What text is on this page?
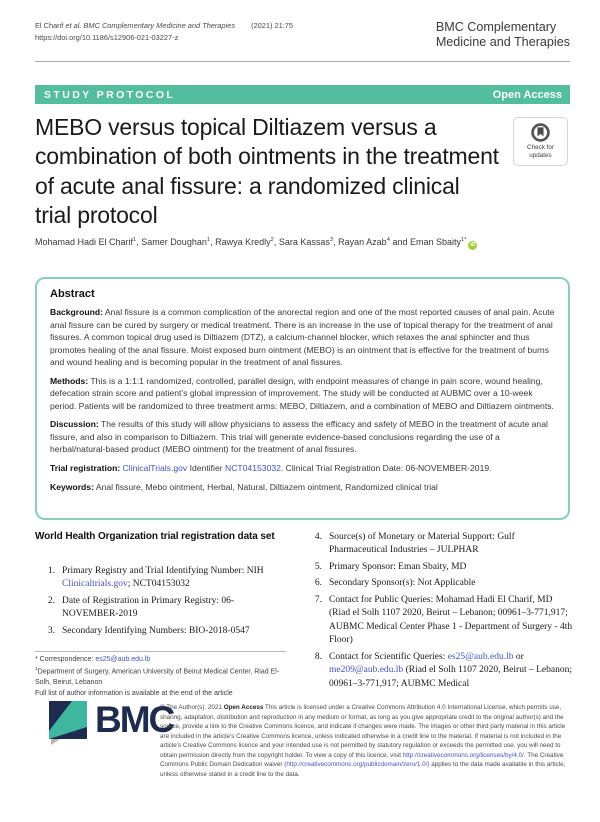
El Charif et al. BMC Complementary Medicine and Therapies (2021) 21:75
https://doi.org/10.1186/s12906-021-03227-z
BMC Complementary
Medicine and Therapies
STUDY PROTOCOL	Open Access
MEBO versus topical Diltiazem versus a combination of both ointments in the treatment of acute anal fissure: a randomized clinical trial protocol
Check for
updates
Mohamad Hadi El Charif$^1$, Samer Doughan$^1$, Rawya Kredly$^2$, Sara Kassas$^3$, Rayan Azab$^4$ and Eman Sbaity$^{1*}$iD
Abstract

Background: Anal fissure is a common complication of the anorectal region and one of the most reported causes of anal pain. Acute anal fissure can be cured by surgery or medical treatment. There is an increase in the use of topical therapy for the treatment of anal fissures. A common topical drug used is Diltiazem (DTZ), a calcium-channel blocker, which relaxes the anal sphincter and thus promotes healing of the anal fissure. Moist exposed burn ointment (MEBO) is an ointment that is effective for the treatment of burns and wound healing and is becoming popular in the treatment of anal fissures.

Methods: This is a 1:1:1 randomized, controlled, parallel design, with endpoint measures of change in pain score, wound healing, defecation strain score and patient’s global impression of improvement. The study will be conducted at AUBMC over a 10-week period. Patients will be randomized to three treatment arms: MEBO, Diltiazem, and a combination of MEBO and Diltiazem ointments.

Discussion: The results of this study will allow physicians to assess the efficacy and safety of MEBO in the treatment of acute anal fissure, and also in comparison to Diltiazem. This trial will generate evidence-based conclusions regarding the use of a herbal/natural-based product (MEBO ointment) for the treatment of anal fissures.

Trial registration: ClinicalTrials.gov Identifier NCT04153032. Clinical Trial Registration Date: 06-NOVEMBER-2019.

Keywords: Anal fissure, Mebo ointment, Herbal, Natural, Diltiazem ointment, Randomized clinical trial

World Health Organization trial registration data set
1. Primary Registry and Trial Identifying Number: NIH Clinicaltrials.gov; NCT04153032
2. Date of Registration in Primary Registry: 06-NOVEMBER-2019
3. Secondary Identifying Numbers: BIO-2018-0547
4. Source(s) of Monetary or Material Support: Gulf Pharmaceutical Industries – JULPHAR
5. Primary Sponsor: Eman Sbaity, MD
6. Secondary Sponsor(s): Not Applicable
7. Contact for Public Queries: Mohamad Hadi El Charif, MD (Riad el Solh 1107 2020, Beirut – Lebanon; 00961–3-771,917; AUBMC Medical Center Phase 1 - Department of Surgery - 4th Floor)
8. Contact for Scientific Queries: es25@aub.edu.lb or me209@aub.edu.lb (Riad el Solh 1107 2020, Beirut – Lebanon; 00961–3-771,917; AUBMC Medical
* Correspondence: es25@aub.edu.lb
$^1$Department of Surgery, American University of Beirut Medical Center, Riad El-Solh, Beirut, Lebanon
Full list of author information is available at the end of the article
BMC
© The Author(s). 2021 Open Access This article is licensed under a Creative Commons Attribution 4.0 International License, which permits use, sharing, adaptation, distribution and reproduction in any medium or format, as long as you give appropriate credit to the original author(s) and the source, provide a link to the Creative Commons licence, and indicate if changes were made. The images or other third party material in this article are included in the article's Creative Commons licence, unless indicated otherwise in a credit line to the material. If material is not included in the article's Creative Commons licence and your intended use is not permitted by statutory regulation or exceeds the permitted use, you will need to obtain permission directly from the copyright holder. To view a copy of this licence, visit http://creativecommons.org/licenses/by/4.0/. The Creative Commons Public Domain Dedication waiver (http://creativecommons.org/publicdomain/zero/1.0/) applies to the data made available in this article, unless otherwise stated in a credit line to the data.
